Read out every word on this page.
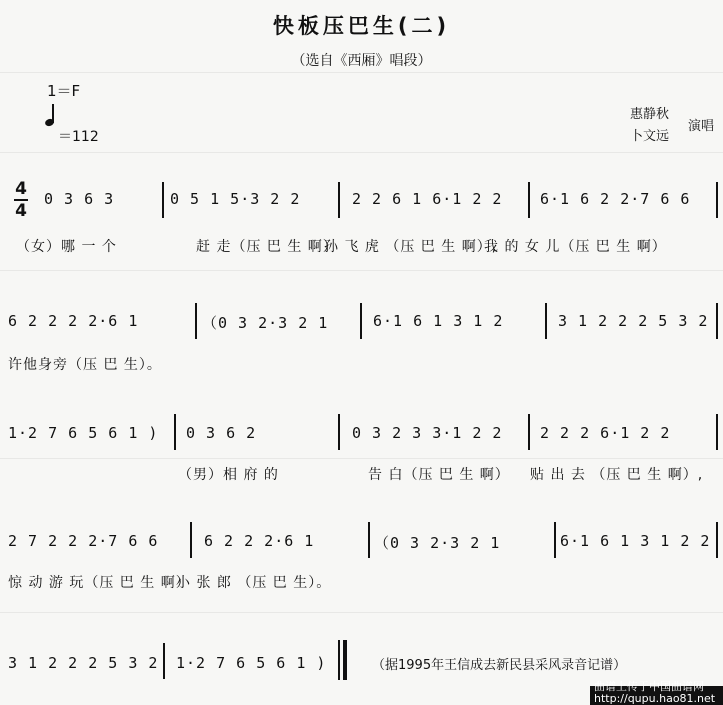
快板压巴生(二)
（选自《西厢》唱段）
1＝F
＝112
惠静秋
卜文远
演唱
4
4
0 3 6 3	0 5 1 5·3 2 2	2 2 6 1 6·1 2 2	6·1 6 2 2·7 6 6
（女）哪 一 个	赶 走（压 巴 生 啊）
孙 飞 虎 （压 巴 生 啊）,
我 的 女 儿（压 巴 生 啊）
6 2 2 2 2·6 1	（0 3 2·3 2 1	6·1 6 1 3 1 2	3 1 2 2 2 5 3 2
许他身旁（压 巴 生）。
1·2 7 6 5 6 1 ) 0 3 6 2	0 3 2 3 3·1 2 2	2 2 2 6·1 2 2
（男）相 府 的	告 白（压 巴 生 啊） 贴 出 去 （压 巴 生 啊）,
2 7 2 2 2·7 6 6	6 2 2 2·6 1	（0 3 2·3 2 1	6·1 6 1 3 1 2 2
惊 动 游 玩（压 巴 生 啊）
小 张 郎 （压 巴 生）。
3 1 2 2 2 5 3 2 1·2 7 6 5 6 1 )	（据1995年王信成去新民县采风录音记谱）
曲谱上传于中国曲谱网
http://qupu.hao81.net
